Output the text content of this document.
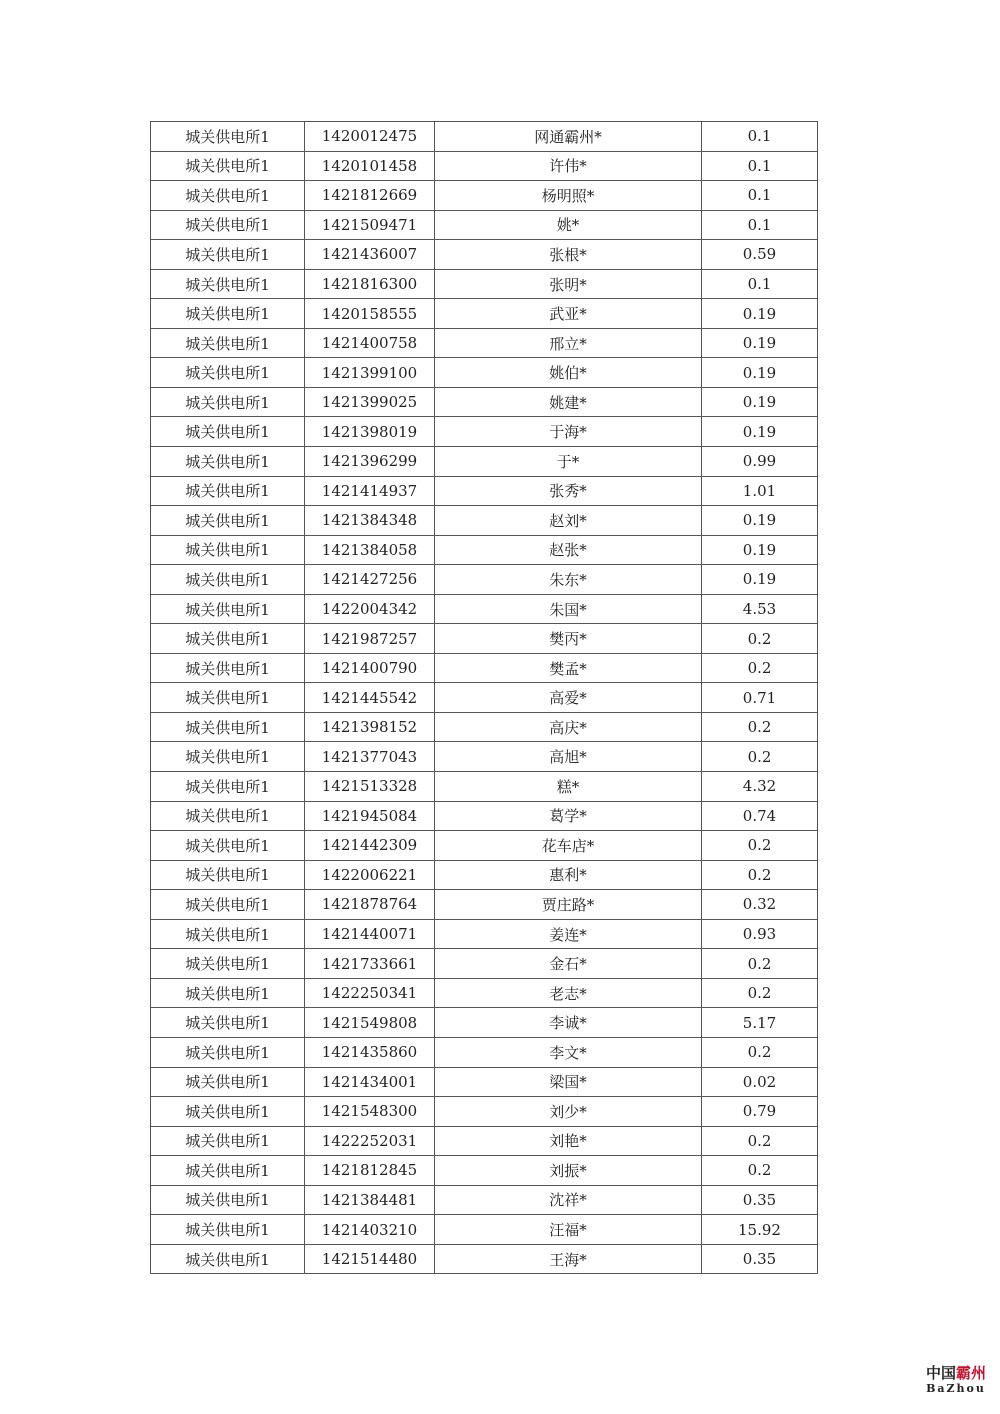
城关供电所1	1420012475	网通霸州*	0.1
城关供电所1	1420101458	许伟*	0.1
城关供电所1	1421812669	杨明照*	0.1
城关供电所1	1421509471	姚*	0.1
城关供电所1	1421436007	张根*	0.59
城关供电所1	1421816300	张明*	0.1
城关供电所1	1420158555	武亚*	0.19
城关供电所1	1421400758	邢立*	0.19
城关供电所1	1421399100	姚伯*	0.19
城关供电所1	1421399025	姚建*	0.19
城关供电所1	1421398019	于海*	0.19
城关供电所1	1421396299	于*	0.99
城关供电所1	1421414937	张秀*	1.01
城关供电所1	1421384348	赵刘*	0.19
城关供电所1	1421384058	赵张*	0.19
城关供电所1	1421427256	朱东*	0.19
城关供电所1	1422004342	朱国*	4.53
城关供电所1	1421987257	樊丙*	0.2
城关供电所1	1421400790	樊孟*	0.2
城关供电所1	1421445542	高爱*	0.71
城关供电所1	1421398152	高庆*	0.2
城关供电所1	1421377043	高旭*	0.2
城关供电所1	1421513328	糕*	4.32
城关供电所1	1421945084	葛学*	0.74
城关供电所1	1421442309	花车店*	0.2
城关供电所1	1422006221	惠利*	0.2
城关供电所1	1421878764	贾庄路*	0.32
城关供电所1	1421440071	姜连*	0.93
城关供电所1	1421733661	金石*	0.2
城关供电所1	1422250341	老志*	0.2
城关供电所1	1421549808	李诚*	5.17
城关供电所1	1421435860	李文*	0.2
城关供电所1	1421434001	梁国*	0.02
城关供电所1	1421548300	刘少*	0.79
城关供电所1	1422252031	刘艳*	0.2
城关供电所1	1421812845	刘振*	0.2
城关供电所1	1421384481	沈祥*	0.35
城关供电所1	1421403210	汪福*	15.92
城关供电所1	1421514480	王海*	0.35
中国霸州
BaZhou
